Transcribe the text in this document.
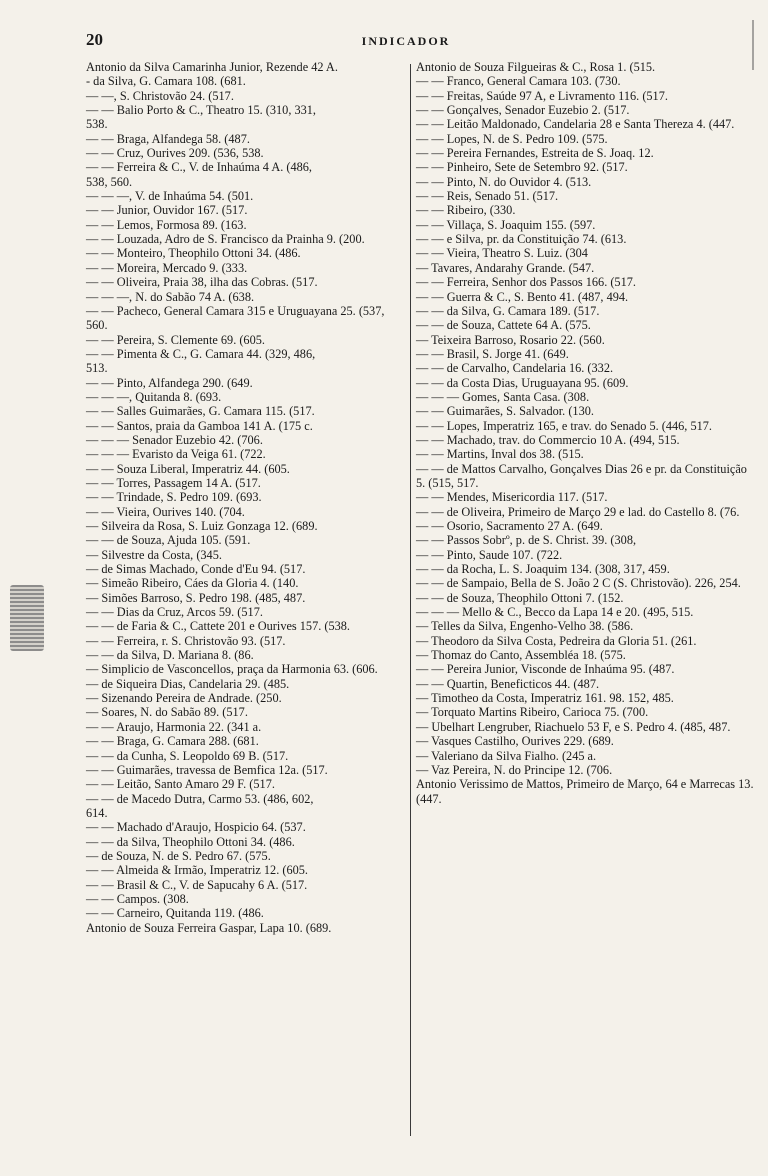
20	INDICADOR
Antonio da Silva Camarinha Junior, Rezende 42 A.
- da Silva, G. Camara 108. (681.
— —, S. Christovão 24. (517.
— — Balio Porto & C., Theatro 15. (310, 331,
538.
— — Braga, Alfandega 58. (487.
— — Cruz, Ourives 209. (536, 538.
— — Ferreira & C., V. de Inhaúma 4 A. (486,
538, 560.
— — —, V. de Inhaúma 54. (501.
— — Junior, Ouvidor 167. (517.
— — Lemos, Formosa 89. (163.
— — Louzada, Adro de S. Francisco da Prainha 9. (200.
— — Monteiro, Theophilo Ottoni 34. (486.
— — Moreira, Mercado 9. (333.
— — Oliveira, Praia 38, ilha das Cobras. (517.
— — —, N. do Sabão 74 A. (638.
— — Pacheco, General Camara 315 e Uruguayana 25. (537, 560.
— — Pereira, S. Clemente 69. (605.
— — Pimenta & C., G. Camara 44. (329, 486,
513.
— — Pinto, Alfandega 290. (649.
— — —, Quitanda 8. (693.
— — Salles Guimarães, G. Camara 115. (517.
— — Santos, praia da Gamboa 141 A. (175 c.
— — — Senador Euzebio 42. (706.
— — — Evaristo da Veiga 61. (722.
— — Souza Liberal, Imperatriz 44. (605.
— — Torres, Passagem 14 A. (517.
— — Trindade, S. Pedro 109. (693.
— — Vieira, Ourives 140. (704.
— Silveira da Rosa, S. Luiz Gonzaga 12. (689.
— — de Souza, Ajuda 105. (591.
— Silvestre da Costa, (345.
— de Simas Machado, Conde d'Eu 94. (517.
— Simeão Ribeiro, Cáes da Gloria 4. (140.
— Simões Barroso, S. Pedro 198. (485, 487.
— — Dias da Cruz, Arcos 59. (517.
— — de Faria & C., Cattete 201 e Ourives 157. (538.
— — Ferreira, r. S. Christovão 93. (517.
— — da Silva, D. Mariana 8. (86.
— Simplicio de Vasconcellos, praça da Harmonia 63. (606.
— de Siqueira Dias, Candelaria 29. (485.
— Sizenando Pereira de Andrade. (250.
— Soares, N. do Sabão 89. (517.
— — Araujo, Harmonia 22. (341 a.
— — Braga, G. Camara 288. (681.
— — da Cunha, S. Leopoldo 69 B. (517.
— — Guimarães, travessa de Bemfica 12a. (517.
— — Leitão, Santo Amaro 29 F. (517.
— — de Macedo Dutra, Carmo 53. (486, 602,
614.
— — Machado d'Araujo, Hospicio 64. (537.
— — da Silva, Theophilo Ottoni 34. (486.
— de Souza, N. de S. Pedro 67. (575.
— — Almeida & Irmão, Imperatriz 12. (605.
— — Brasil & C., V. de Sapucahy 6 A. (517.
— — Campos. (308.
— — Carneiro, Quitanda 119. (486.
Antonio de Souza Ferreira Gaspar, Lapa 10. (689.
Antonio de Souza Filgueiras & C., Rosa 1. (515.
— — Franco, General Camara 103. (730.
— — Freitas, Saúde 97 A, e Livramento 116. (517.
— — Gonçalves, Senador Euzebio 2. (517.
— — Leitão Maldonado, Candelaria 28 e Santa Thereza 4. (447.
— — Lopes, N. de S. Pedro 109. (575.
— — Pereira Fernandes, Estreita de S. Joaq. 12.
— — Pinheiro, Sete de Setembro 92. (517.
— — Pinto, N. do Ouvidor 4. (513.
— — Reis, Senado 51. (517.
— — Ribeiro, (330.
— — Villaça, S. Joaquim 155. (597.
— — e Silva, pr. da Constituição 74. (613.
— — Vieira, Theatro S. Luiz. (304
— Tavares, Andarahy Grande. (547.
— — Ferreira, Senhor dos Passos 166. (517.
— — Guerra & C., S. Bento 41. (487, 494.
— — da Silva, G. Camara 189. (517.
— — de Souza, Cattete 64 A. (575.
— Teixeira Barroso, Rosario 22. (560.
— — Brasil, S. Jorge 41. (649.
— — de Carvalho, Candelaria 16. (332.
— — da Costa Dias, Uruguayana 95. (609.
— — — Gomes, Santa Casa. (308.
— — Guimarães, S. Salvador. (130.
— — Lopes, Imperatriz 165, e trav. do Senado 5. (446, 517.
— — Machado, trav. do Commercio 10 A. (494, 515.
— — Martins, Inval dos 38. (515.
— — de Mattos Carvalho, Gonçalves Dias 26 e pr. da Constituição 5. (515, 517.
— — Mendes, Misericordia 117. (517.
— — de Oliveira, Primeiro de Março 29 e lad. do Castello 8. (76.
— — Osorio, Sacramento 27 A. (649.
— — Passos Sobrº, p. de S. Christ. 39. (308,
— — Pinto, Saude 107. (722.
— — da Rocha, L. S. Joaquim 134. (308, 317, 459.
— — de Sampaio, Bella de S. João 2 C (S. Christovão). 226, 254.
— — de Souza, Theophilo Ottoni 7. (152.
— — — Mello & C., Becco da Lapa 14 e 20. (495, 515.
— Telles da Silva, Engenho-Velho 38. (586.
— Theodoro da Silva Costa, Pedreira da Gloria 51. (261.
— Thomaz do Canto, Assembléa 18. (575.
— — Pereira Junior, Visconde de Inhaúma 95. (487.
— — Quartin, Beneficticos 44. (487.
— Timotheo da Costa, Imperatriz 161. 98. 152, 485.
— Torquato Martins Ribeiro, Carioca 75. (700.
— Ubelhart Lengruber, Riachuelo 53 F, e S. Pedro 4. (485, 487.
— Vasques Castilho, Ourives 229. (689.
— Valeriano da Silva Fialho. (245 a.
— Vaz Pereira, N. do Principe 12. (706.
Antonio Verissimo de Mattos, Primeiro de Março, 64 e Marrecas 13. (447.
